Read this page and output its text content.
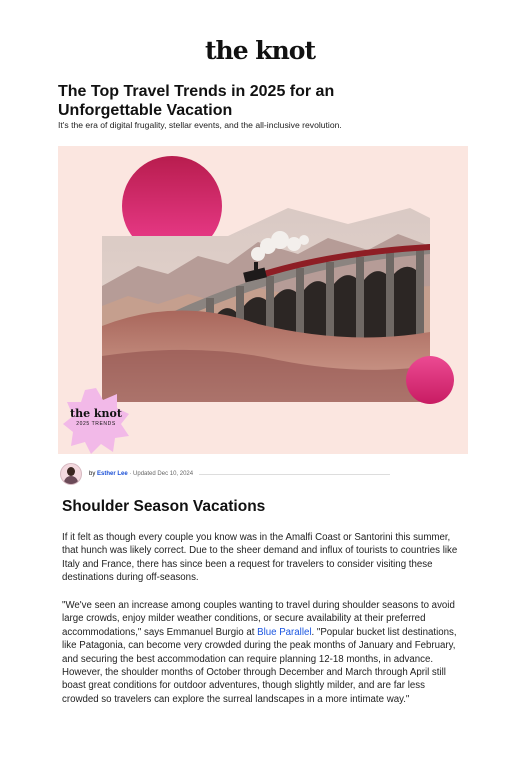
the knot
The Top Travel Trends in 2025 for an Unforgettable Vacation

It's the era of digital frugality, stellar events, and the all-inclusive revolution.

the knot
2025 TRENDS
by Esther Lee · Updated Dec 10, 2024
Shoulder Season Vacations

If it felt as though every couple you know was in the Amalfi Coast or Santorini this summer, that hunch was likely correct. Due to the sheer demand and influx of tourists to countries like Italy and France, there has since been a request for travelers to consider visiting these destinations during off-seasons.

"We've seen an increase among couples wanting to travel during shoulder seasons to avoid large crowds, enjoy milder weather conditions, or secure availability at their preferred accommodations," says Emmanuel Burgio at Blue Parallel. "Popular bucket list destinations, like Patagonia, can become very crowded during the peak months of January and February, and securing the best accommodation can require planning 12-18 months, in advance. However, the shoulder months of October through December and March through April still boast great conditions for outdoor adventures, though slightly milder, and are far less crowded so travelers can explore the surreal landscapes in a more intimate way."
